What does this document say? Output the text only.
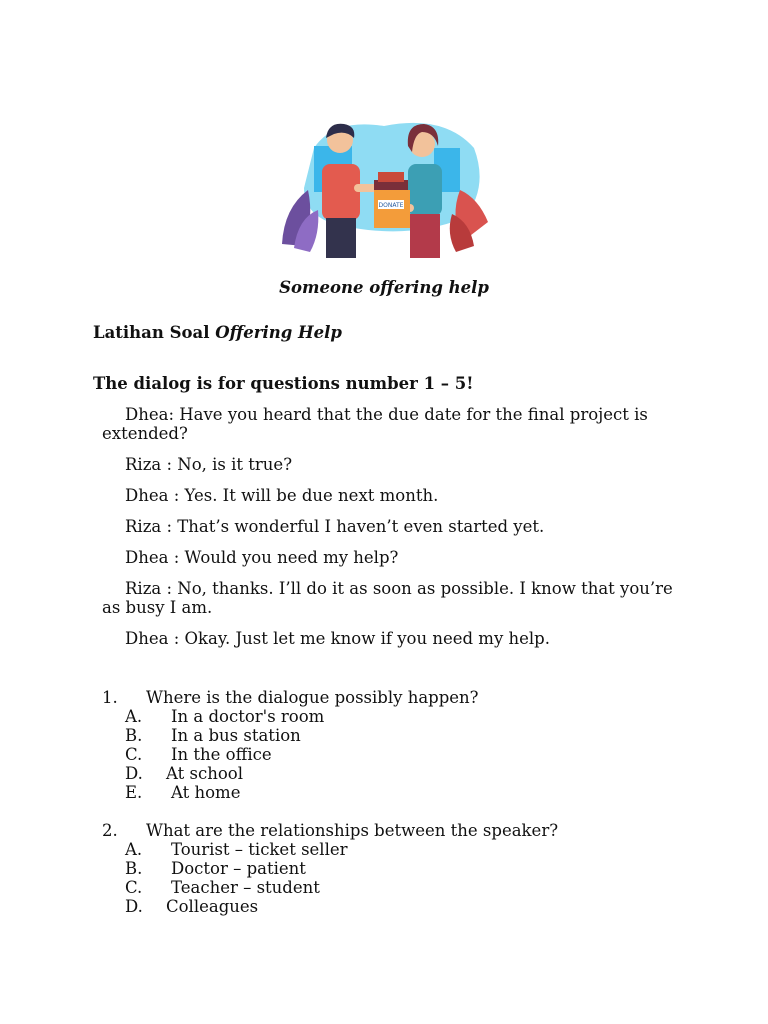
DONATE
Someone offering help
Latihan Soal Offering Help
The dialog is for questions number 1 – 5!

Dhea: Have you heard that the due date for the final project is extended?

Riza : No, is it true?

Dhea : Yes. It will be due next month.

Riza : That’s wonderful I haven’t even started yet.

Dhea : Would you need my help?

Riza : No, thanks. I’ll do it as soon as possible. I know that you’re as busy I am.

Dhea : Okay. Just let me know if you need my help.

1.	Where is the dialogue possibly happen?
A.	In a doctor's room
B.	In a bus station
C.	In the office
D.	At school
E.	At home
2.	What are the relationships between the speaker?
A.	Tourist – ticket seller
B.	Doctor – patient
C.	Teacher – student
D.	Colleagues
